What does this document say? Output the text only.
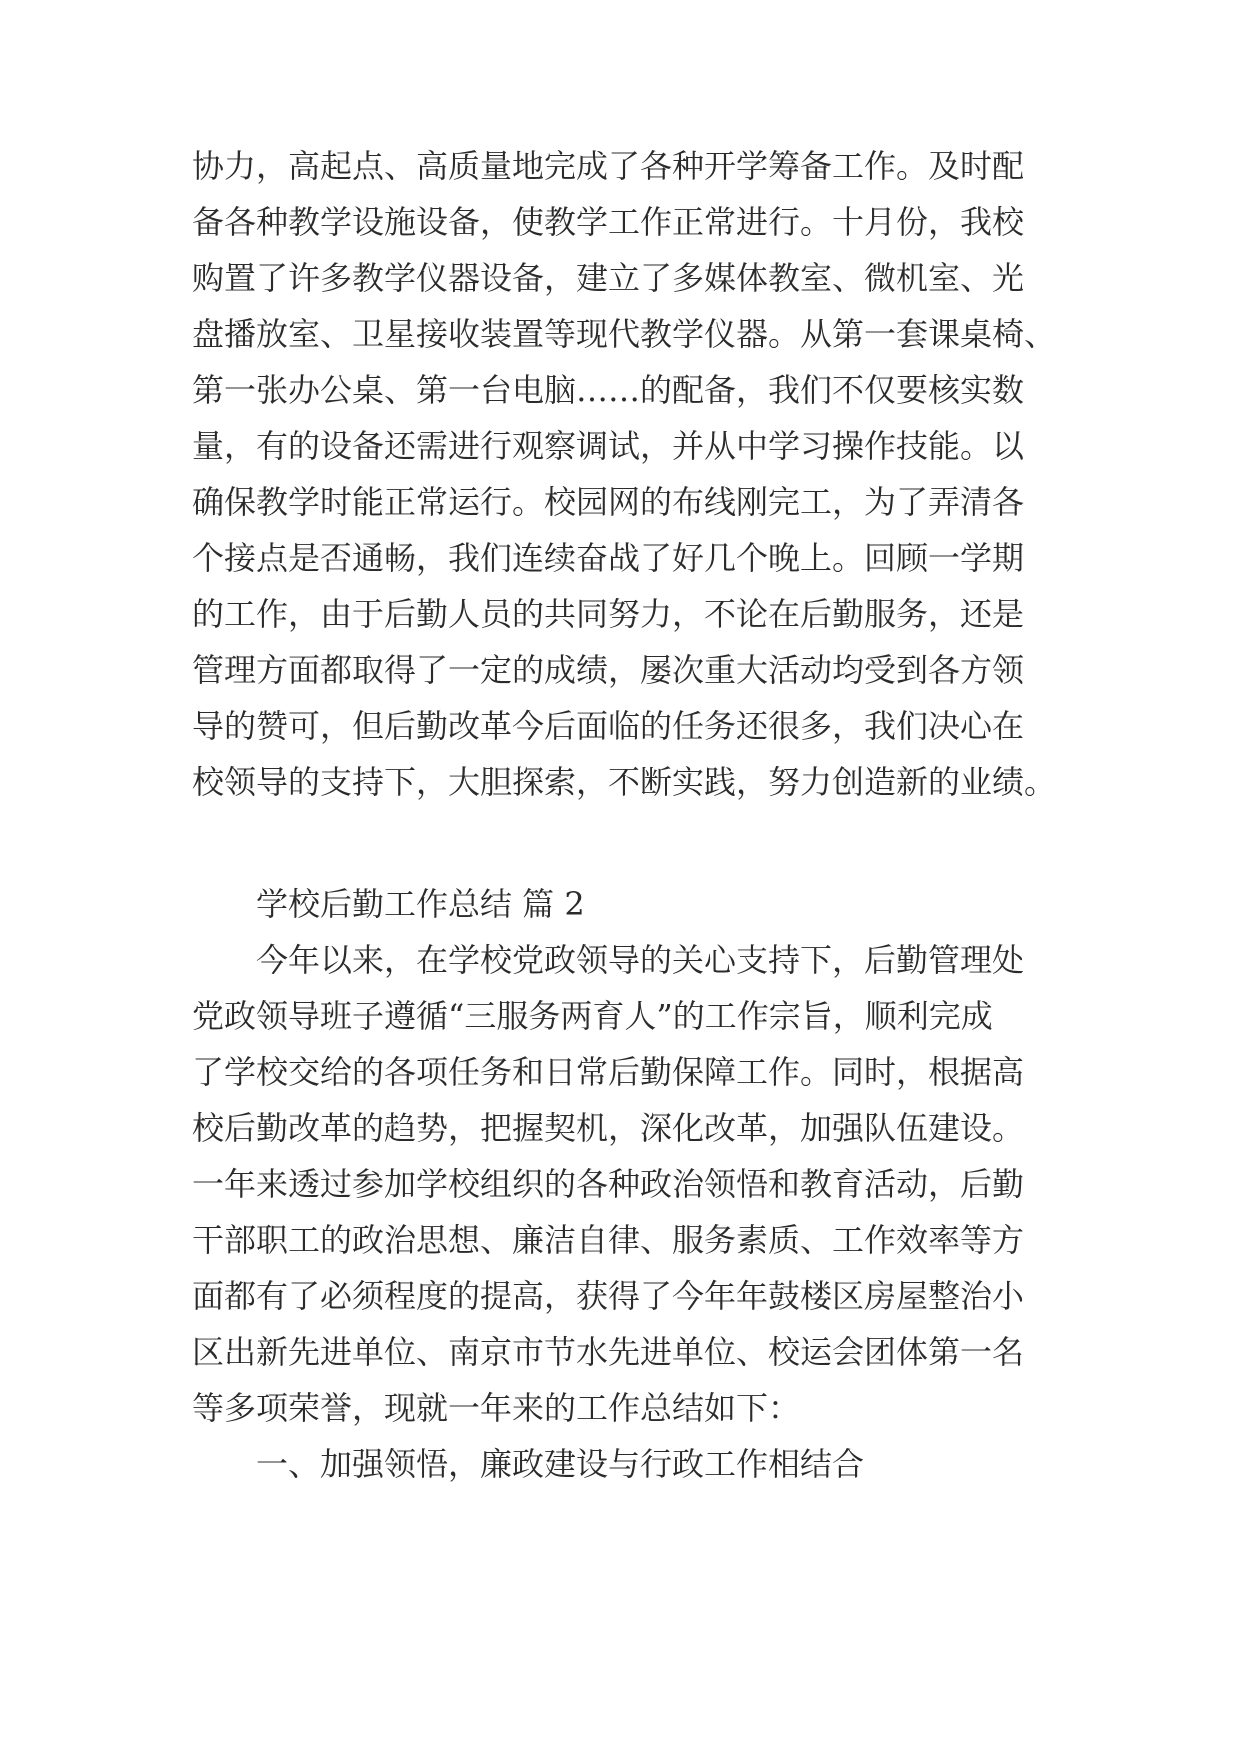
协力，高起点、高质量地完成了各种开学筹备工作。及时配
备各种教学设施设备，使教学工作正常进行。十月份，我校
购置了许多教学仪器设备，建立了多媒体教室、微机室、光
盘播放室、卫星接收装置等现代教学仪器。从第一套课桌椅、
第一张办公桌、第一台电脑……的配备，我们不仅要核实数
量，有的设备还需进行观察调试，并从中学习操作技能。以
确保教学时能正常运行。校园网的布线刚完工，为了弄清各
个接点是否通畅，我们连续奋战了好几个晚上。回顾一学期
的工作，由于后勤人员的共同努力，不论在后勤服务，还是
管理方面都取得了一定的成绩，屡次重大活动均受到各方领
导的赞可，但后勤改革今后面临的任务还很多，我们决心在
校领导的支持下，大胆探索，不断实践，努力创造新的业绩。
学校后勤工作总结 篇 2
今年以来，在学校党政领导的关心支持下，后勤管理处
党政领导班子遵循“三服务两育人”的工作宗旨，顺利完成
了学校交给的各项任务和日常后勤保障工作。同时，根据高
校后勤改革的趋势，把握契机，深化改革，加强队伍建设。
一年来透过参加学校组织的各种政治领悟和教育活动，后勤
干部职工的政治思想、廉洁自律、服务素质、工作效率等方
面都有了必须程度的提高，获得了今年年鼓楼区房屋整治小
区出新先进单位、南京市节水先进单位、校运会团体第一名
等多项荣誉，现就一年来的工作总结如下：
一、加强领悟，廉政建设与行政工作相结合
